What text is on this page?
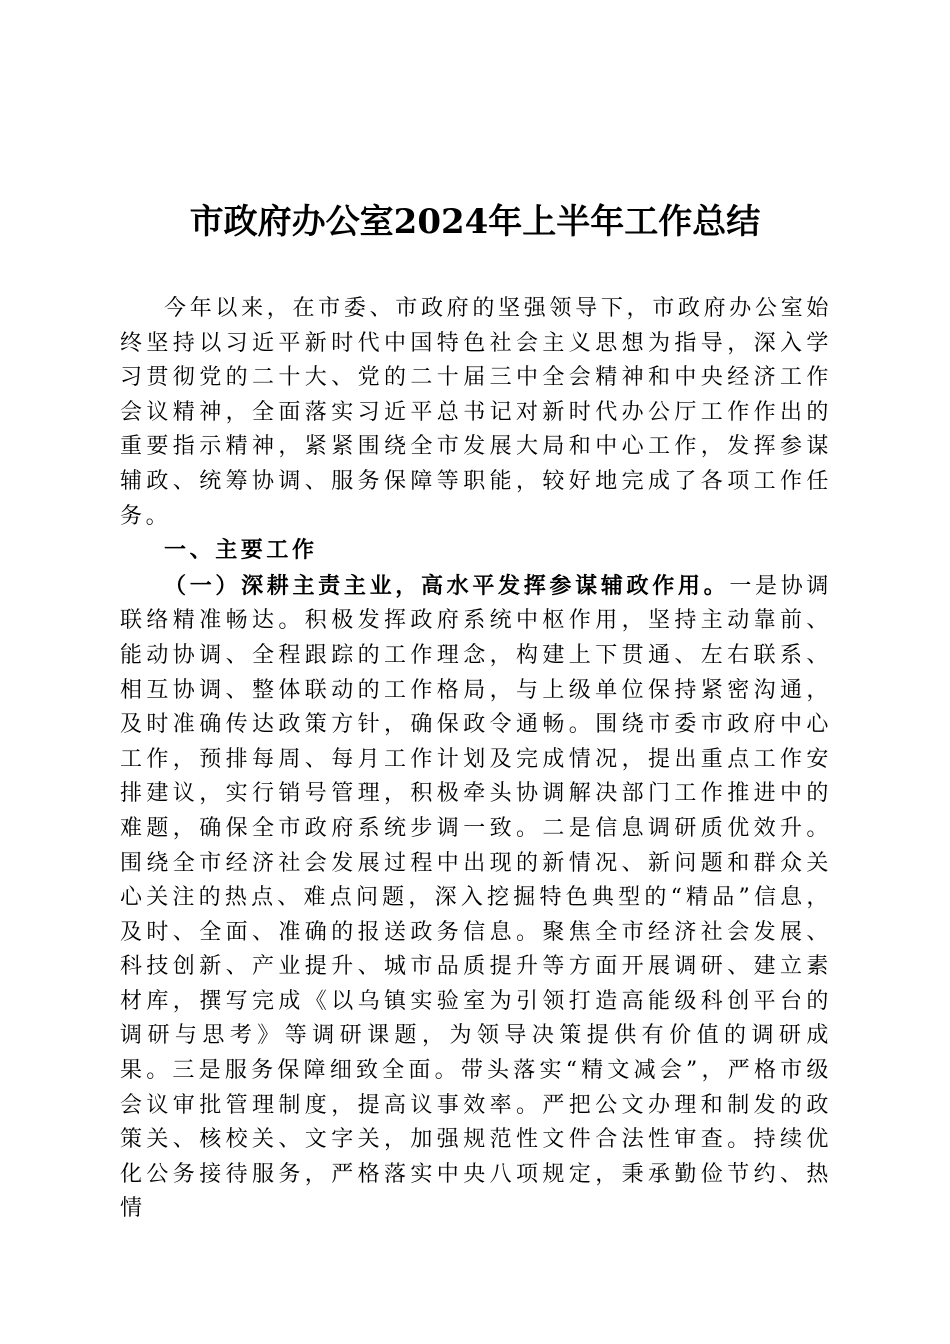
市政府办公室2024年上半年工作总结

今年以来，在市委、市政府的坚强领导下，市政府办公室始终坚持以习近平新时代中国特色社会主义思想为指导，深入学习贯彻党的二十大、党的二十届三中全会精神和中央经济工作会议精神，全面落实习近平总书记对新时代办公厅工作作出的重要指示精神，紧紧围绕全市发展大局和中心工作，发挥参谋辅政、统筹协调、服务保障等职能，较好地完成了各项工作任务。

一、主要工作

（一）深耕主责主业，高水平发挥参谋辅政作用。一是协调联络精准畅达。积极发挥政府系统中枢作用，坚持主动靠前、能动协调、全程跟踪的工作理念，构建上下贯通、左右联系、相互协调、整体联动的工作格局，与上级单位保持紧密沟通，及时准确传达政策方针，确保政令通畅。围绕市委市政府中心工作，预排每周、每月工作计划及完成情况，提出重点工作安排建议，实行销号管理，积极牵头协调解决部门工作推进中的难题，确保全市政府系统步调一致。二是信息调研质优效升。围绕全市经济社会发展过程中出现的新情况、新问题和群众关心关注的热点、难点问题，深入挖掘特色典型的“精品”信息，及时、全面、准确的报送政务信息。聚焦全市经济社会发展、科技创新、产业提升、城市品质提升等方面开展调研、建立素材库，撰写完成《以乌镇实验室为引领打造高能级科创平台的调研与思考》等调研课题，为领导决策提供有价值的调研成果。三是服务保障细致全面。带头落实“精文减会”，严格市级会议审批管理制度，提高议事效率。严把公文办理和制发的政策关、核校关、文字关，加强规范性文件合法性审查。持续优化公务接待服务，严格落实中央八项规定，秉承勤俭节约、热情
